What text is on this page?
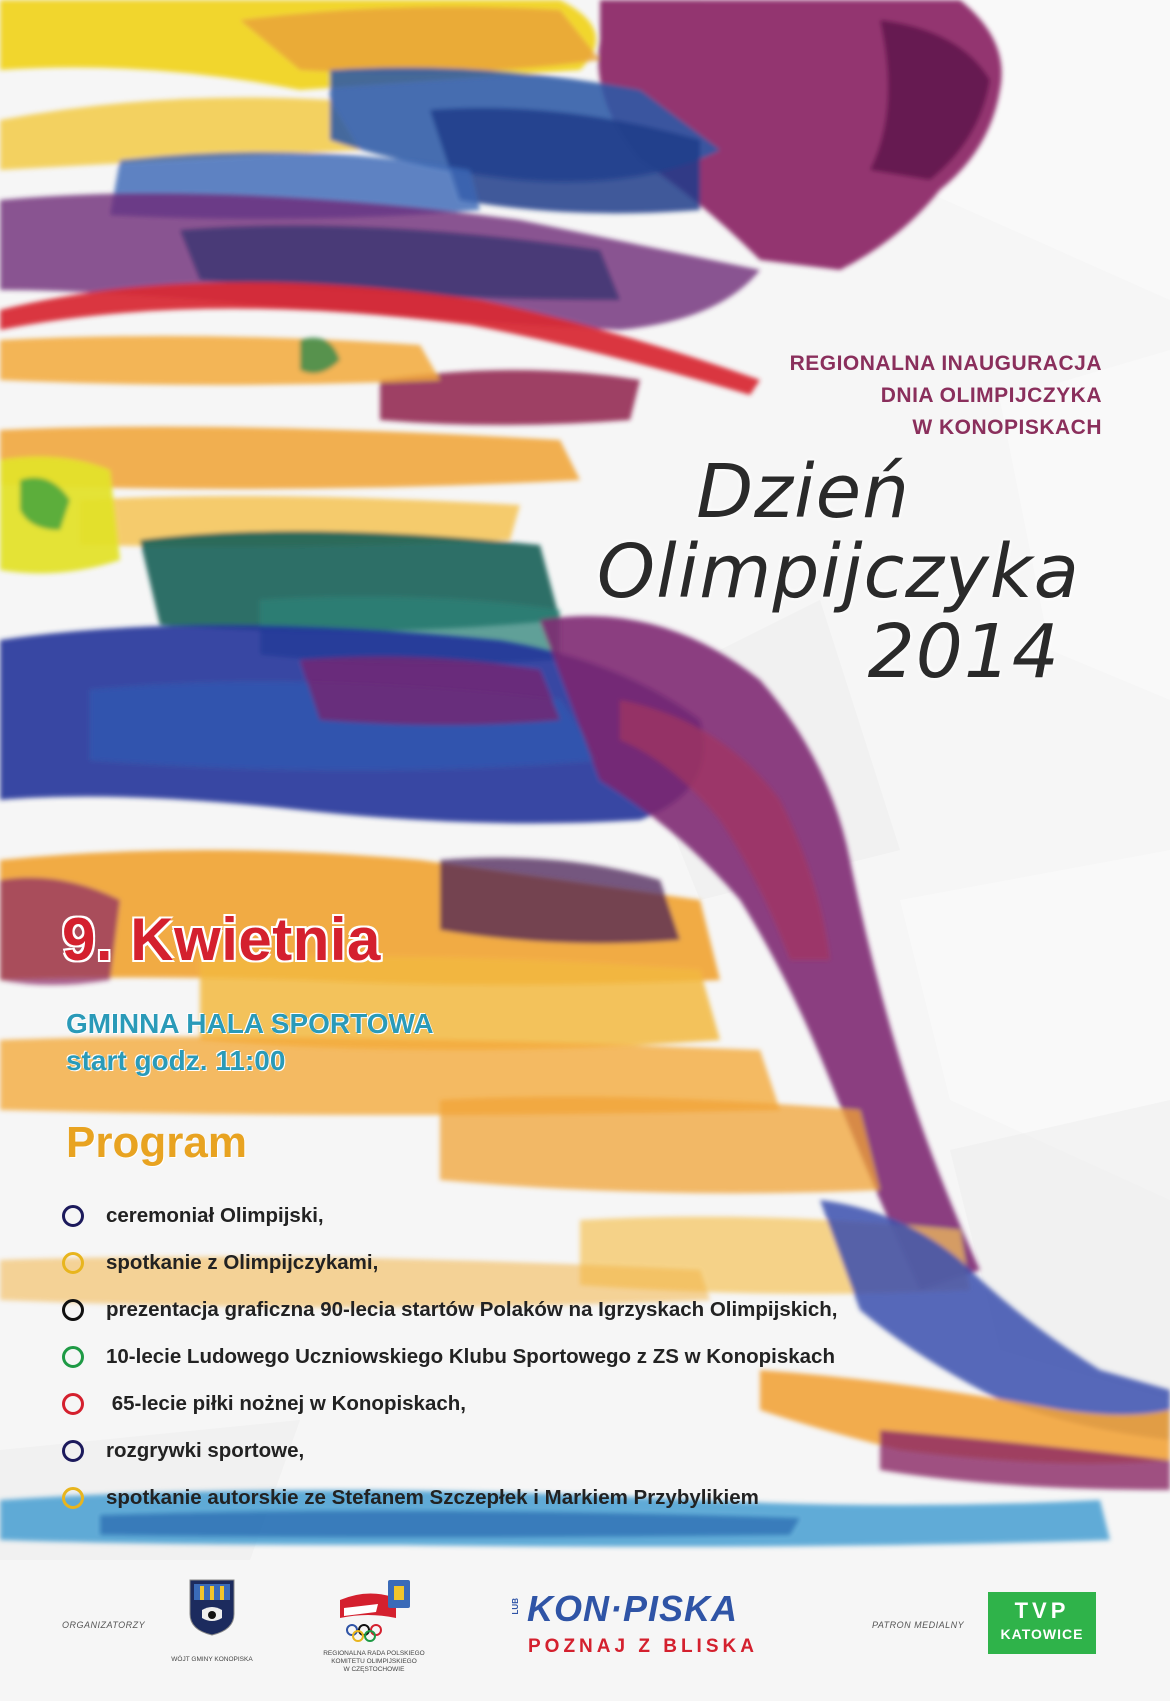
REGIONALNA INAUGURACJA
DNIA OLIMPIJCZYKA
W KONOPISKACH
Dzień
Olimpijczyka
2014
9. Kwietnia
GMINNA HALA SPORTOWA
start godz. 11:00
Program
ceremoniał Olimpijski,
spotkanie z Olimpijczykami,
prezentacja graficzna 90-lecia startów Polaków na Igrzyskach Olimpijskich,
10-lecie Ludowego Uczniowskiego Klubu Sportowego z ZS w Konopiskach
65-lecie piłki nożnej w Konopiskach,
rozgrywki sportowe,
spotkanie autorskie ze Stefanem Szczepłek i Markiem Przybylikiem
ORGANIZATORZY
WÓJT GMINY KONOPISKA
REGIONALNA RADA POLSKIEGO
KOMITETU OLIMPIJSKIEGO
W CZĘSTOCHOWIE
PATRON MEDIALNY
LUB KON·PISKA
POZNAJ Z BLISKA
TVP
KATOWICE
